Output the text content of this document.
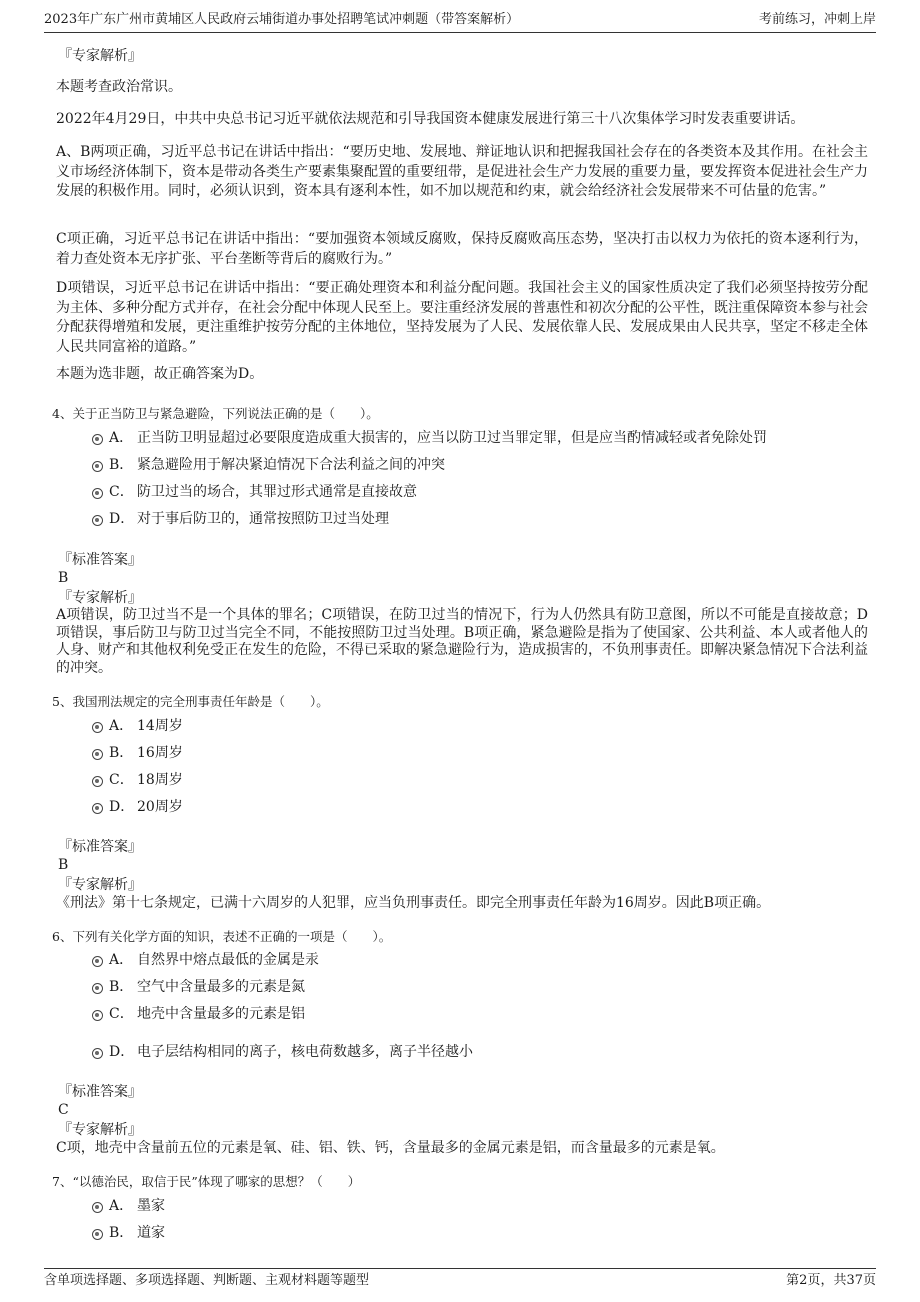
2023年广东广州市黄埔区人民政府云埔街道办事处招聘笔试冲刺题（带答案解析）	考前练习，冲刺上岸
『专家解析』
本题考查政治常识。
2022年4月29日，中共中央总书记习近平就依法规范和引导我国资本健康发展进行第三十八次集体学习时发表重要讲话。
A、B两项正确，习近平总书记在讲话中指出：“要历史地、发展地、辩证地认识和把握我国社会存在的各类资本及其作用。在社会主义市场经济体制下，资本是带动各类生产要素集聚配置的重要纽带，是促进社会生产力发展的重要力量，要发挥资本促进社会生产力发展的积极作用。同时，必须认识到，资本具有逐利本性，如不加以规范和约束，就会给经济社会发展带来不可估量的危害。”
C项正确，习近平总书记在讲话中指出：“要加强资本领域反腐败，保持反腐败高压态势，坚决打击以权力为依托的资本逐利行为，着力查处资本无序扩张、平台垄断等背后的腐败行为。”
D项错误，习近平总书记在讲话中指出：“要正确处理资本和利益分配问题。我国社会主义的国家性质决定了我们必须坚持按劳分配为主体、多种分配方式并存，在社会分配中体现人民至上。要注重经济发展的普惠性和初次分配的公平性，既注重保障资本参与社会分配获得增殖和发展，更注重维护按劳分配的主体地位，坚持发展为了人民、发展依靠人民、发展成果由人民共享，坚定不移走全体人民共同富裕的道路。”
本题为选非题，故正确答案为D。
4、关于正当防卫与紧急避险，下列说法正确的是（　　）。
A． 正当防卫明显超过必要限度造成重大损害的，应当以防卫过当罪定罪，但是应当酌情减轻或者免除处罚
B． 紧急避险用于解决紧迫情况下合法利益之间的冲突
C． 防卫过当的场合，其罪过形式通常是直接故意
D． 对于事后防卫的，通常按照防卫过当处理
『标准答案』
B
『专家解析』
A项错误，防卫过当不是一个具体的罪名；C项错误，在防卫过当的情况下，行为人仍然具有防卫意图，所以不可能是直接故意；D项错误，事后防卫与防卫过当完全不同，不能按照防卫过当处理。B项正确，紧急避险是指为了使国家、公共利益、本人或者他人的人身、财产和其他权利免受正在发生的危险，不得已采取的紧急避险行为，造成损害的，不负刑事责任。即解决紧急情况下合法利益的冲突。
5、我国刑法规定的完全刑事责任年龄是（　　）。
A． 14周岁
B． 16周岁
C． 18周岁
D． 20周岁
『标准答案』
B
『专家解析』
《刑法》第十七条规定，已满十六周岁的人犯罪，应当负刑事责任。即完全刑事责任年龄为16周岁。因此B项正确。
6、下列有关化学方面的知识，表述不正确的一项是（　　）。
A． 自然界中熔点最低的金属是汞
B． 空气中含量最多的元素是氮
C． 地壳中含量最多的元素是铝
D． 电子层结构相同的离子，核电荷数越多，离子半径越小
『标准答案』
C
『专家解析』
C项，地壳中含量前五位的元素是氧、硅、铝、铁、钙，含量最多的金属元素是铝，而含量最多的元素是氧。
7、“以德治民，取信于民”体现了哪家的思想？（　　）
A． 墨家
B． 道家
含单项选择题、多项选择题、判断题、主观材料题等题型	第2页，共37页
